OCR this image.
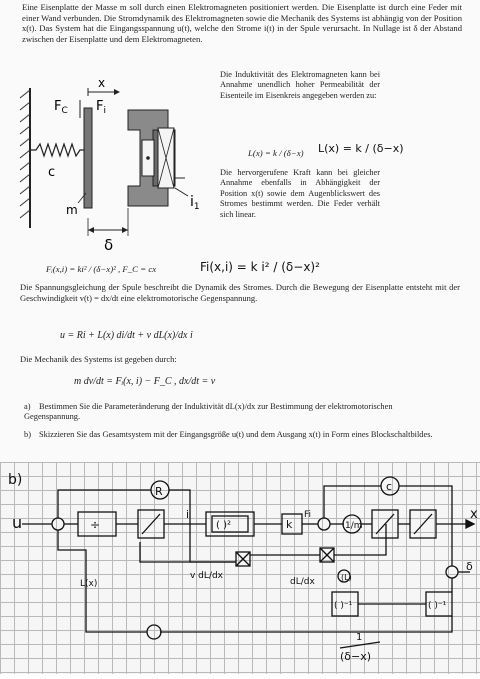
Eine Eisenplatte der Masse m soll durch einen Elektromagneten positioniert werden. Die Eisenplatte ist durch eine Feder mit einer Wand verbunden. Die Stromdynamik des Elektromagneten sowie die Mechanik des Systems ist abhängig von der Position x(t). Das System hat die Eingangsspannung u(t), welche den Strome i(t) in der Spule verursacht. In Nullage ist δ der Abstand zwischen der Eisenplatte und dem Elektromagneten.

c
m
$F_C$ $F_i$
x
$i_1$
δ
Die Induktivität des Elektromagneten kann bei Annahme unendlich hoher Permeabilität der Eisenteile im Eisenkreis angegeben werden zu:
L(x) = k / (δ−x) L(x) = k / (δ−x)
Die hervorgerufene Kraft kann bei gleicher Annahme ebenfalls in Abhängigkeit der Position x(t) sowie dem Augenblickswert des Stromes bestimmt werden. Die Feder verhält sich linear.
Fᵢ(x,i) = ki² / (δ−x)² , F_C = cx	Fi(x,i) = k i² / (δ−x)²
Die Spannungsgleichung der Spule beschreibt die Dynamik des Stromes. Durch die Bewegung der Eisenplatte entsteht mit der Geschwindigkeit v(t) = dx/dt eine elektromotorische Gegenspannung.
u = Ri + L(x) di/dt + v dL(x)/dx i
Die Mechanik des Systems ist gegeben durch:
m dv/dt = Fᵢ(x, i) − F_C , dx/dt = v
a) Bestimmen Sie die Parameteränderung der Induktivität dL(x)/dx zur Bestimmung der elektromotorischen Gegenspannung.
b) Skizzieren Sie das Gesamtsystem mit der Eingangsgröße u(t) und dem Ausgang x(t) in Form eines Blockschaltbildes.
b)
u	÷
i
R
( )²	k
Fi
1/m
x
c
v dL/dx
dL/dx	(L)
( )⁻¹	( )⁻¹
δ
L(x)
1
(δ−x)
